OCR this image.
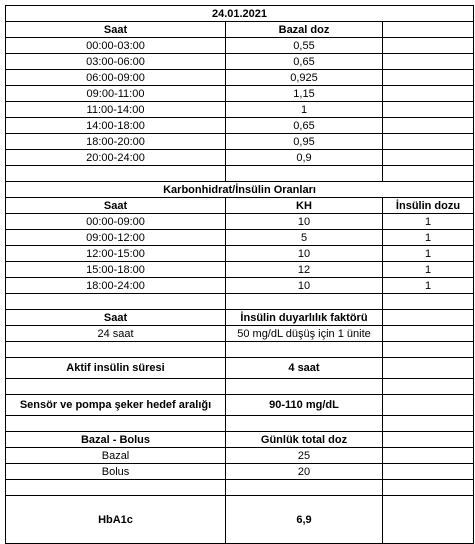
24.01.2021		
Saat	Bazal doz	
00:00-03:00	0,55	
03:00-06:00	0,65	
06:00-09:00	0,925	
09:00-11:00	1,15	
11:00-14:00	1	
14:00-18:00	0,65	
18:00-20:00	0,95	
20:00-24:00	0,9	

Karbonhidrat/İnsülin Oranları		
Saat	KH	İnsülin dozu
00:00-09:00	10	1
09:00-12:00	5	1
12:00-15:00	10	1
15:00-18:00	12	1
18:00-24:00	10	1

Saat	İnsülin duyarlılık faktörü	
24 saat	50 mg/dL düşüş için 1 ünite	

Aktif insülin süresi	4 saat	

Sensör ve pompa şeker hedef aralığı	90-110 mg/dL	

Bazal - Bolus	Günlük total doz	
Bazal	25	
Bolus	20	

HbA1c	6,9	
